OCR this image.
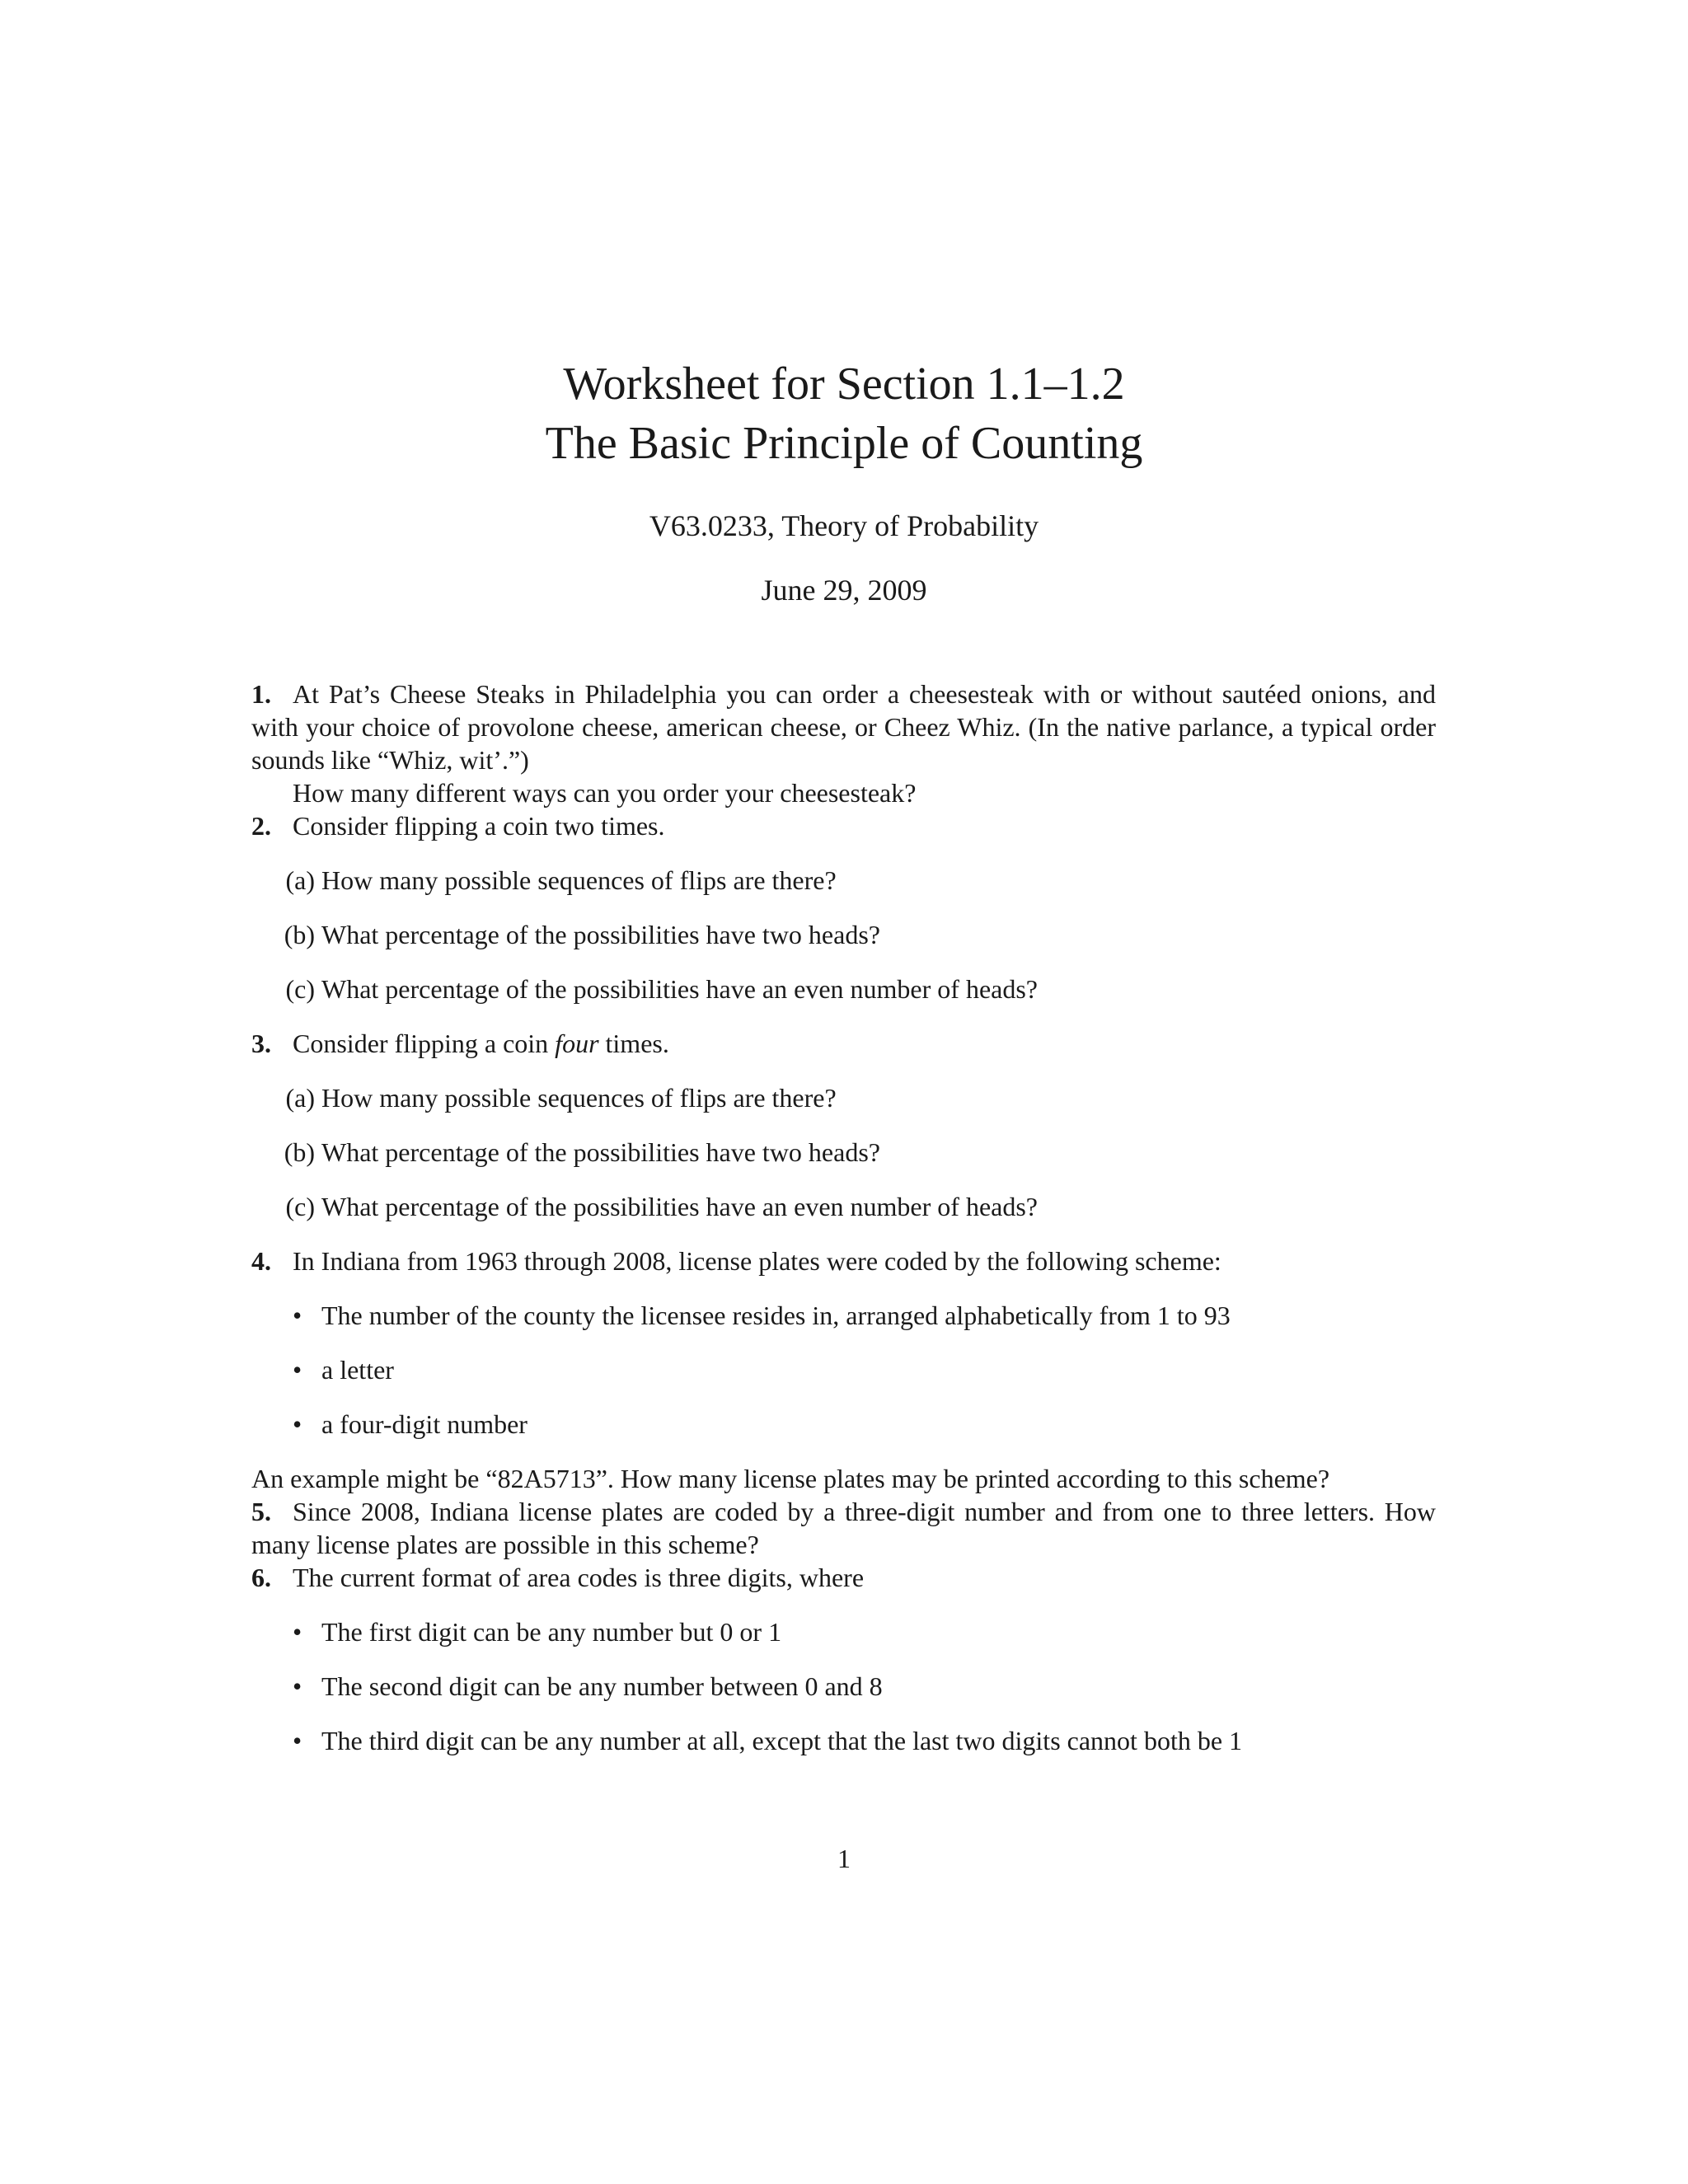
Worksheet for Section 1.1–1.2
The Basic Principle of Counting
V63.0233, Theory of Probability
June 29, 2009

1. At Pat’s Cheese Steaks in Philadelphia you can order a cheesesteak with or without sautéed onions, and with your choice of provolone cheese, american cheese, or Cheez Whiz. (In the native parlance, a typical order sounds like “Whiz, wit’.”)

How many different ways can you order your cheesesteak?

2. Consider flipping a coin two times.

(a) How many possible sequences of flips are there?
(b) What percentage of the possibilities have two heads?
(c) What percentage of the possibilities have an even number of heads?

3. Consider flipping a coin four times.

(a) How many possible sequences of flips are there?
(b) What percentage of the possibilities have two heads?
(c) What percentage of the possibilities have an even number of heads?

4. In Indiana from 1963 through 2008, license plates were coded by the following scheme:

• The number of the county the licensee resides in, arranged alphabetically from 1 to 93
• a letter
• a four-digit number

An example might be “82A5713”. How many license plates may be printed according to this scheme?

5. Since 2008, Indiana license plates are coded by a three-digit number and from one to three letters. How many license plates are possible in this scheme?

6. The current format of area codes is three digits, where

• The first digit can be any number but 0 or 1
• The second digit can be any number between 0 and 8
• The third digit can be any number at all, except that the last two digits cannot both be 1
1
